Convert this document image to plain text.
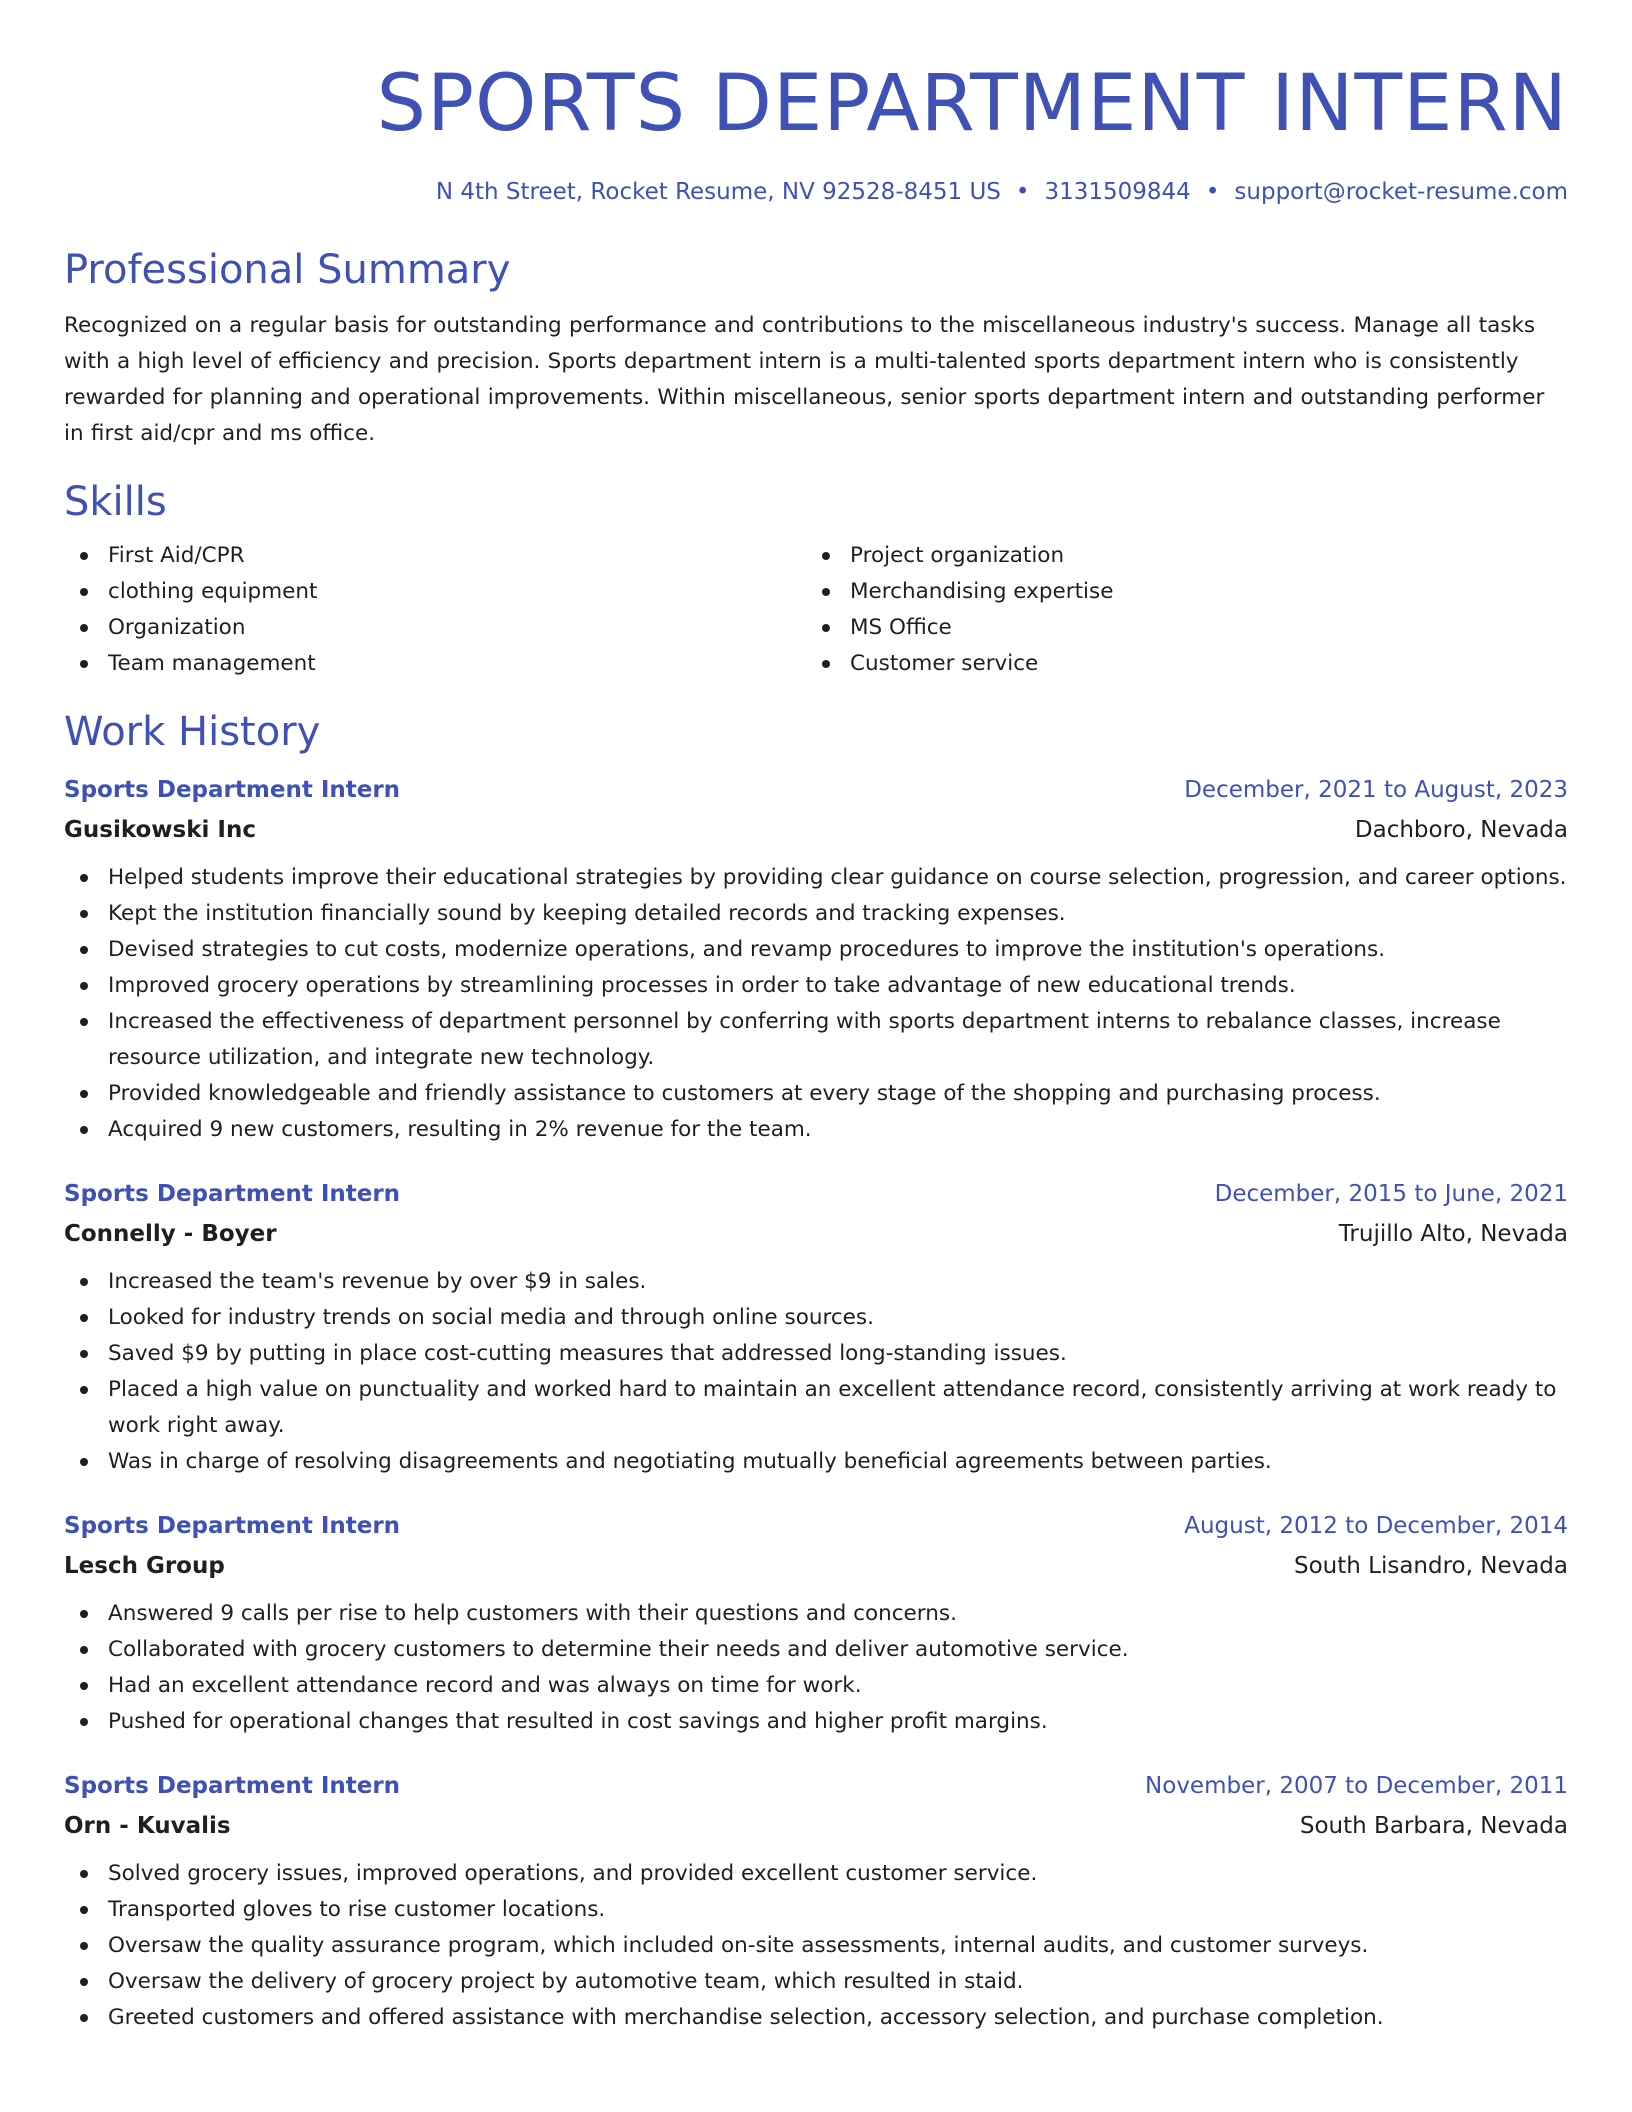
SPORTS DEPARTMENT INTERN
N 4th Street, Rocket Resume, NV 92528-8451 US • 3131509844 • support@rocket-resume.com
Professional Summary
Recognized on a regular basis for outstanding performance and contributions to the miscellaneous industry's success. Manage all tasks with a high level of efficiency and precision. Sports department intern is a multi-talented sports department intern who is consistently rewarded for planning and operational improvements. Within miscellaneous, senior sports department intern and outstanding performer in first aid/cpr and ms office.
Skills
First Aid/CPR
clothing equipment
Organization
Team management
Project organization
Merchandising expertise
MS Office
Customer service
Work History
Sports Department Intern	December, 2021 to August, 2023
Gusikowski Inc	Dachboro, Nevada
Helped students improve their educational strategies by providing clear guidance on course selection, progression, and career options.
Kept the institution financially sound by keeping detailed records and tracking expenses.
Devised strategies to cut costs, modernize operations, and revamp procedures to improve the institution's operations.
Improved grocery operations by streamlining processes in order to take advantage of new educational trends.
Increased the effectiveness of department personnel by conferring with sports department interns to rebalance classes, increase resource utilization, and integrate new technology.
Provided knowledgeable and friendly assistance to customers at every stage of the shopping and purchasing process.
Acquired 9 new customers, resulting in 2% revenue for the team.
Sports Department Intern	December, 2015 to June, 2021
Connelly - Boyer	Trujillo Alto, Nevada
Increased the team's revenue by over $9 in sales.
Looked for industry trends on social media and through online sources.
Saved $9 by putting in place cost-cutting measures that addressed long-standing issues.
Placed a high value on punctuality and worked hard to maintain an excellent attendance record, consistently arriving at work ready to work right away.
Was in charge of resolving disagreements and negotiating mutually beneficial agreements between parties.
Sports Department Intern	August, 2012 to December, 2014
Lesch Group	South Lisandro, Nevada
Answered 9 calls per rise to help customers with their questions and concerns.
Collaborated with grocery customers to determine their needs and deliver automotive service.
Had an excellent attendance record and was always on time for work.
Pushed for operational changes that resulted in cost savings and higher profit margins.
Sports Department Intern	November, 2007 to December, 2011
Orn - Kuvalis	South Barbara, Nevada
Solved grocery issues, improved operations, and provided excellent customer service.
Transported gloves to rise customer locations.
Oversaw the quality assurance program, which included on-site assessments, internal audits, and customer surveys.
Oversaw the delivery of grocery project by automotive team, which resulted in staid.
Greeted customers and offered assistance with merchandise selection, accessory selection, and purchase completion.
